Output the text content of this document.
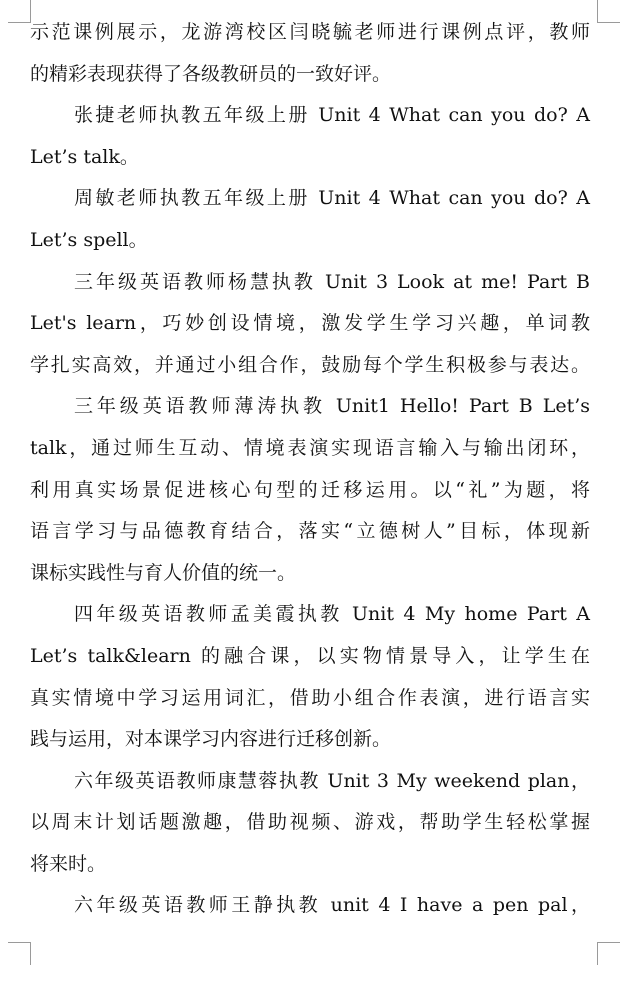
示范课例展示，龙游湾校区闫晓毓老师进行课例点评，教师
的精彩表现获得了各级教研员的一致好评。
张捷老师执教五年级上册 Unit 4 What can you do? A
Let’s talk。
周敏老师执教五年级上册 Unit 4 What can you do? A
Let’s spell。
三年级英语教师杨慧执教 Unit 3 Look at me! Part B
Let's learn，巧妙创设情境，激发学生学习兴趣，单词教
学扎实高效，并通过小组合作，鼓励每个学生积极参与表达。
三年级英语教师薄涛执教 Unit1 Hello! Part B Let’s
talk，通过师生互动、情境表演实现语言输入与输出闭环，
利用真实场景促进核心句型的迁移运用。以“礼”为题，将
语言学习与品德教育结合，落实“立德树人”目标，体现新
课标实践性与育人价值的统一。
四年级英语教师孟美霞执教 Unit 4 My home Part A
Let’s talk&learn 的融合课，以实物情景导入，让学生在
真实情境中学习运用词汇，借助小组合作表演，进行语言实
践与运用，对本课学习内容进行迁移创新。
六年级英语教师康慧蓉执教 Unit 3 My weekend plan，
以周末计划话题激趣，借助视频、游戏，帮助学生轻松掌握
将来时。
六年级英语教师王静执教 unit 4 I have a pen pal，
